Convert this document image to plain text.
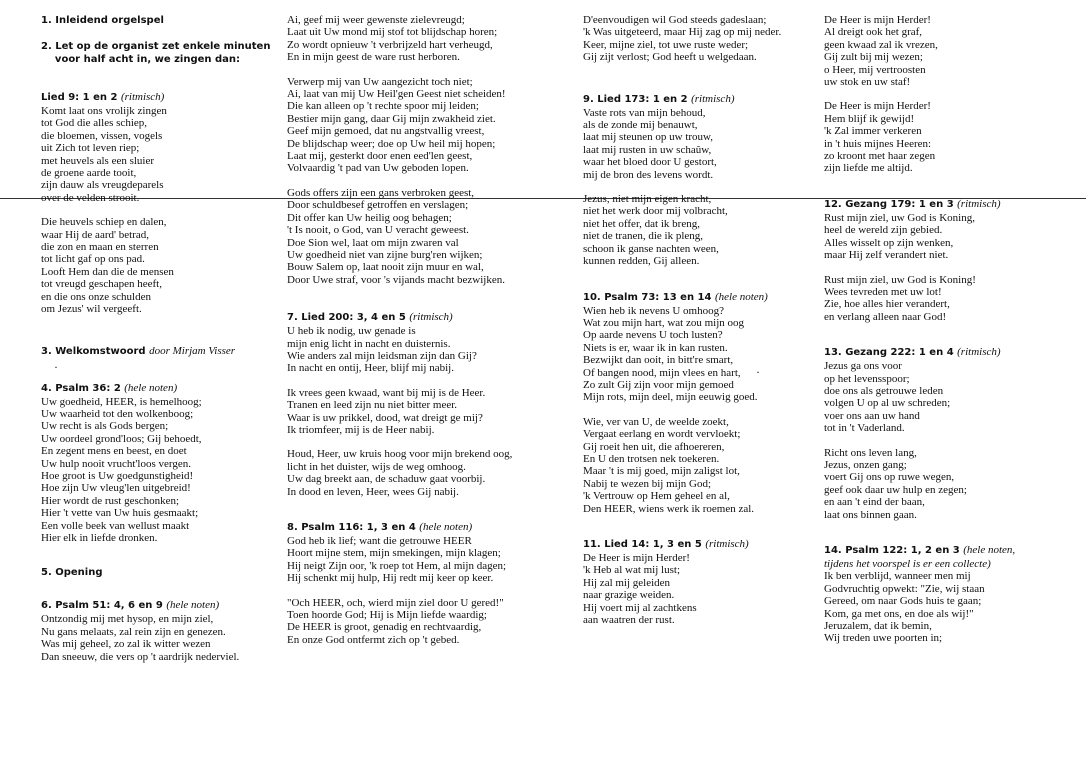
·	·
1. Inleidend orgelspel
2. Let op de organist zet enkele minuten
voor half acht in, we zingen dan:
Lied 9: 1 en 2 (ritmisch)
Komt laat ons vrolijk zingen
tot God die alles schiep,
die bloemen, vissen, vogels
uit Zich tot leven riep;
met heuvels als een sluier
de groene aarde tooit,
zijn dauw als vreugdeparels
over de velden strooit.
Die heuvels schiep en dalen,
waar Hij de aard' betrad,
die zon en maan en sterren
tot licht gaf op ons pad.
Looft Hem dan die de mensen
tot vreugd geschapen heeft,
en die ons onze schulden
om Jezus' wil vergeeft.
3. Welkomstwoord door Mirjam Visser
4. Psalm 36: 2 (hele noten)
Uw goedheid, HEER, is hemelhoog;
Uw waarheid tot den wolkenboog;
Uw recht is als Gods bergen;
Uw oordeel grond'loos; Gij behoedt,
En zegent mens en beest, en doet
Uw hulp nooit vrucht'loos vergen.
Hoe groot is Uw goedgunstigheid!
Hoe zijn Uw vleug'len uitgebreid!
Hier wordt de rust geschonken;
Hier 't vette van Uw huis gesmaakt;
Een volle beek van wellust maakt
Hier elk in liefde dronken.
5. Opening
6. Psalm 51: 4, 6 en 9 (hele noten)
Ontzondig mij met hysop, en mijn ziel,
Nu gans melaats, zal rein zijn en genezen.
Was mij geheel, zo zal ik witter wezen
Dan sneeuw, die vers op 't aardrijk nederviel.
Ai, geef mij weer gewenste zielevreugd;
Laat uit Uw mond mij stof tot blijdschap horen;
Zo wordt opnieuw 't verbrijzeld hart verheugd,
En in mijn geest de ware rust herboren.
Verwerp mij van Uw aangezicht toch niet;
Ai, laat van mij Uw Heil'gen Geest niet scheiden!
Die kan alleen op 't rechte spoor mij leiden;
Bestier mijn gang, daar Gij mijn zwakheid ziet.
Geef mijn gemoed, dat nu angstvallig vreest,
De blijdschap weer; doe op Uw heil mij hopen;
Laat mij, gesterkt door enen eed'len geest,
Volvaardig 't pad van Uw geboden lopen.
Gods offers zijn een gans verbroken geest,
Door schuldbesef getroffen en verslagen;
Dit offer kan Uw heilig oog behagen;
't Is nooit, o God, van U veracht geweest.
Doe Sion wel, laat om mijn zwaren val
Uw goedheid niet van zijne burg'ren wijken;
Bouw Salem op, laat nooit zijn muur en wal,
Door Uwe straf, voor 's vijands macht bezwijken.
7. Lied 200: 3, 4 en 5 (ritmisch)
U heb ik nodig, uw genade is
mijn enig licht in nacht en duisternis.
Wie anders zal mijn leidsman zijn dan Gij?
In nacht en ontij, Heer, blijf mij nabij.
Ik vrees geen kwaad, want bij mij is de Heer.
Tranen en leed zijn nu niet bitter meer.
Waar is uw prikkel, dood, wat dreigt ge mij?
Ik triomfeer, mij is de Heer nabij.
Houd, Heer, uw kruis hoog voor mijn brekend oog,
licht in het duister, wijs de weg omhoog.
Uw dag breekt aan, de schaduw gaat voorbij.
In dood en leven, Heer, wees Gij nabij.
8. Psalm 116: 1, 3 en 4 (hele noten)
God heb ik lief; want die getrouwe HEER
Hoort mijne stem, mijn smekingen, mijn klagen;
Hij neigt Zijn oor, 'k roep tot Hem, al mijn dagen;
Hij schenkt mij hulp, Hij redt mij keer op keer.
"Och HEER, och, wierd mijn ziel door U gered!"
Toen hoorde God; Hij is Mijn liefde waardig;
De HEER is groot, genadig en rechtvaardig,
En onze God ontfermt zich op 't gebed.
D'eenvoudigen wil God steeds gadeslaan;
'k Was uitgeteerd, maar Hij zag op mij neder.
Keer, mijne ziel, tot uwe ruste weder;
Gij zijt verlost; God heeft u welgedaan.
9. Lied 173: 1 en 2 (ritmisch)
Vaste rots van mijn behoud,
als de zonde mij benauwt,
laat mij steunen op uw trouw,
laat mij rusten in uw schaûw,
waar het bloed door U gestort,
mij de bron des levens wordt.
Jezus, niet mijn eigen kracht,
niet het werk door mij volbracht,
niet het offer, dat ik breng,
niet de tranen, die ik pleng,
schoon ik ganse nachten ween,
kunnen redden, Gij alleen.
10. Psalm 73: 13 en 14 (hele noten)
Wien heb ik nevens U omhoog?
Wat zou mijn hart, wat zou mijn oog
Op aarde nevens U toch lusten?
Niets is er, waar ik in kan rusten.
Bezwijkt dan ooit, in bitt're smart,
Of bangen nood, mijn vlees en hart,
Zo zult Gij zijn voor mijn gemoed
Mijn rots, mijn deel, mijn eeuwig goed.
Wie, ver van U, de weelde zoekt,
Vergaat eerlang en wordt vervloekt;
Gij roeit hen uit, die afhoereren,
En U den trotsen nek toekeren.
Maar 't is mij goed, mijn zaligst lot,
Nabij te wezen bij mijn God;
'k Vertrouw op Hem geheel en al,
Den HEER, wiens werk ik roemen zal.
11. Lied 14: 1, 3 en 5 (ritmisch)
De Heer is mijn Herder!
'k Heb al wat mij lust;
Hij zal mij geleiden
naar grazige weiden.
Hij voert mij al zachtkens
aan waatren der rust.
De Heer is mijn Herder!
Al dreigt ook het graf,
geen kwaad zal ik vrezen,
Gij zult bij mij wezen;
o Heer, mij vertroosten
uw stok en uw staf!
De Heer is mijn Herder!
Hem blijf ik gewijd!
'k Zal immer verkeren
in 't huis mijnes Heeren:
zo kroont met haar zegen
zijn liefde me altijd.
12. Gezang 179: 1 en 3 (ritmisch)
Rust mijn ziel, uw God is Koning,
heel de wereld zijn gebied.
Alles wisselt op zijn wenken,
maar Hij zelf verandert niet.
Rust mijn ziel, uw God is Koning!
Wees tevreden met uw lot!
Zie, hoe alles hier verandert,
en verlang alleen naar God!
13. Gezang 222: 1 en 4 (ritmisch)
Jezus ga ons voor
op het levensspoor;
doe ons als getrouwe leden
volgen U op al uw schreden;
voer ons aan uw hand
tot in 't Vaderland.
Richt ons leven lang,
Jezus, onzen gang;
voert Gij ons op ruwe wegen,
geef ook daar uw hulp en zegen;
en aan 't eind der baan,
laat ons binnen gaan.
14. Psalm 122: 1, 2 en 3 (hele noten,
tijdens het voorspel is er een collecte)
Ik ben verblijd, wanneer men mij
Godvruchtig opwekt: "Zie, wij staan
Gereed, om naar Gods huis te gaan;
Kom, ga met ons, en doe als wij!"
Jeruzalem, dat ik bemin,
Wij treden uwe poorten in;
